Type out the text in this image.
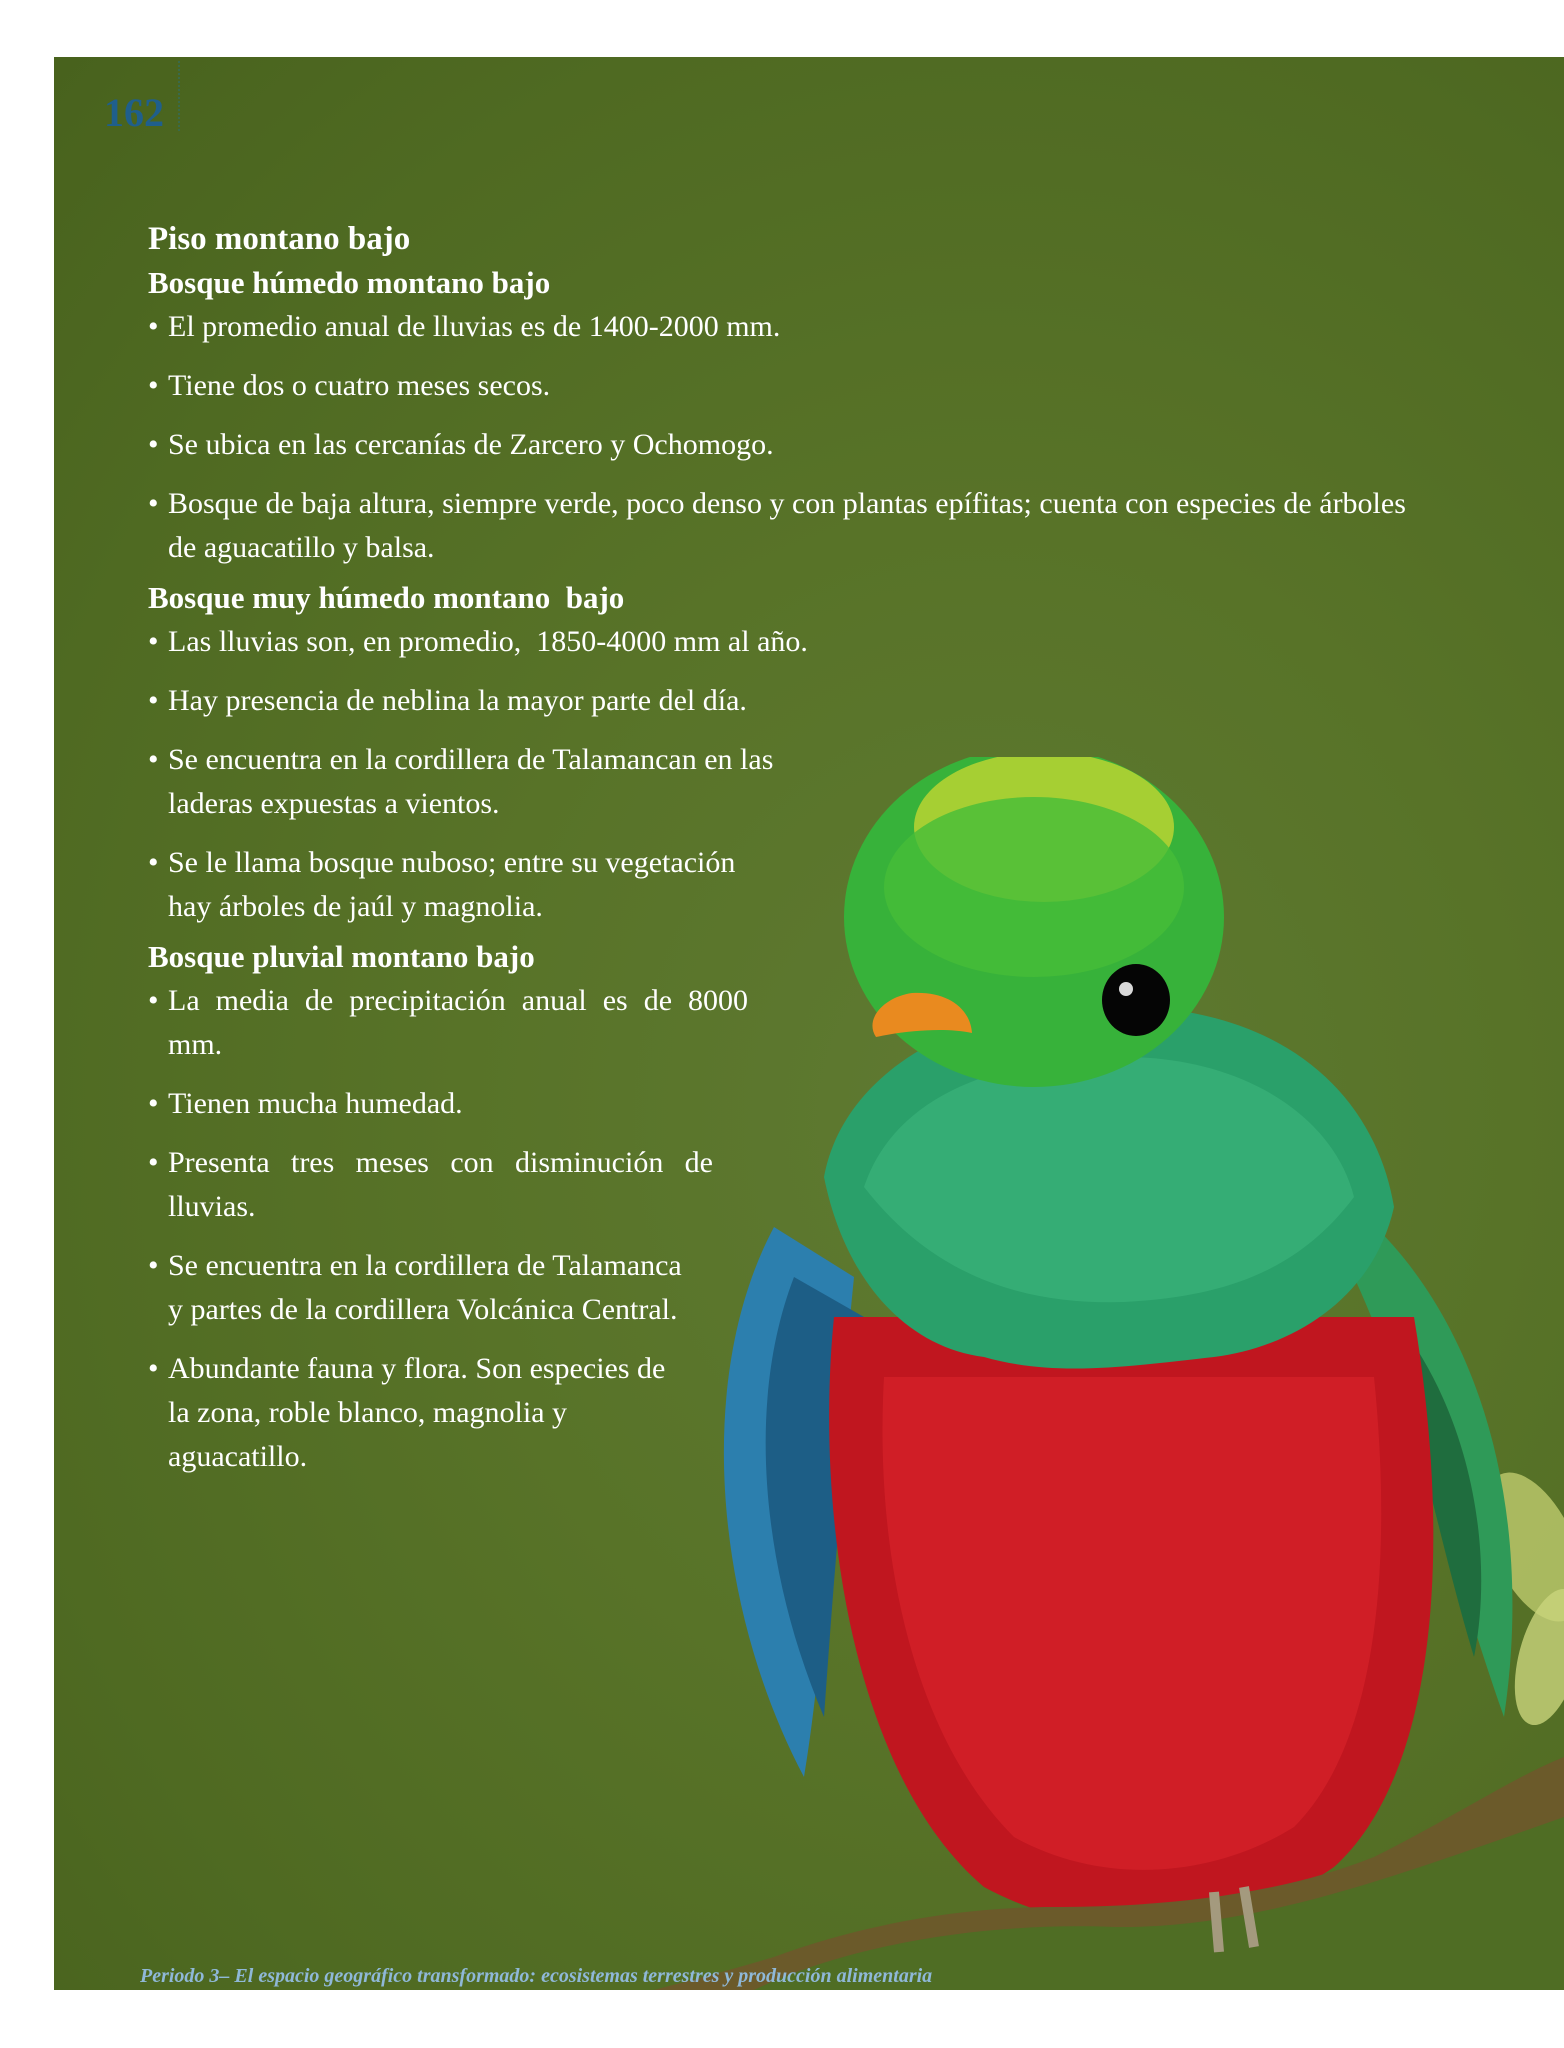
162
Piso montano bajo
Bosque húmedo montano bajo
• El promedio anual de lluvias es de 1400-2000 mm.
• Tiene dos o cuatro meses secos.
• Se ubica en las cercanías de Zarcero y Ochomogo.
• Bosque de baja altura, siempre verde, poco denso y con plantas epífitas; cuenta con especies de árboles de aguacatillo y balsa.
Bosque muy húmedo montano  bajo
• Las lluvias son, en promedio,  1850-4000 mm al año.
• Hay presencia de neblina la mayor parte del día.
• Se encuentra en la cordillera de Talamancan en las laderas expuestas a vientos.
• Se le llama bosque nuboso; entre su vegetación hay árboles de jaúl y magnolia.
Bosque pluvial montano bajo
• La media de precipitación anual es de 8000 mm.
• Tienen mucha humedad.
• Presenta tres meses con disminución de lluvias.
• Se encuentra en la cordillera de Talamanca y partes de la cordillera Volcánica Central.
• Abundante fauna y flora. Son especies de la zona, roble blanco, magnolia y aguacatillo.
Periodo 3– El espacio geográfico transformado: ecosistemas terrestres y producción alimentaria
